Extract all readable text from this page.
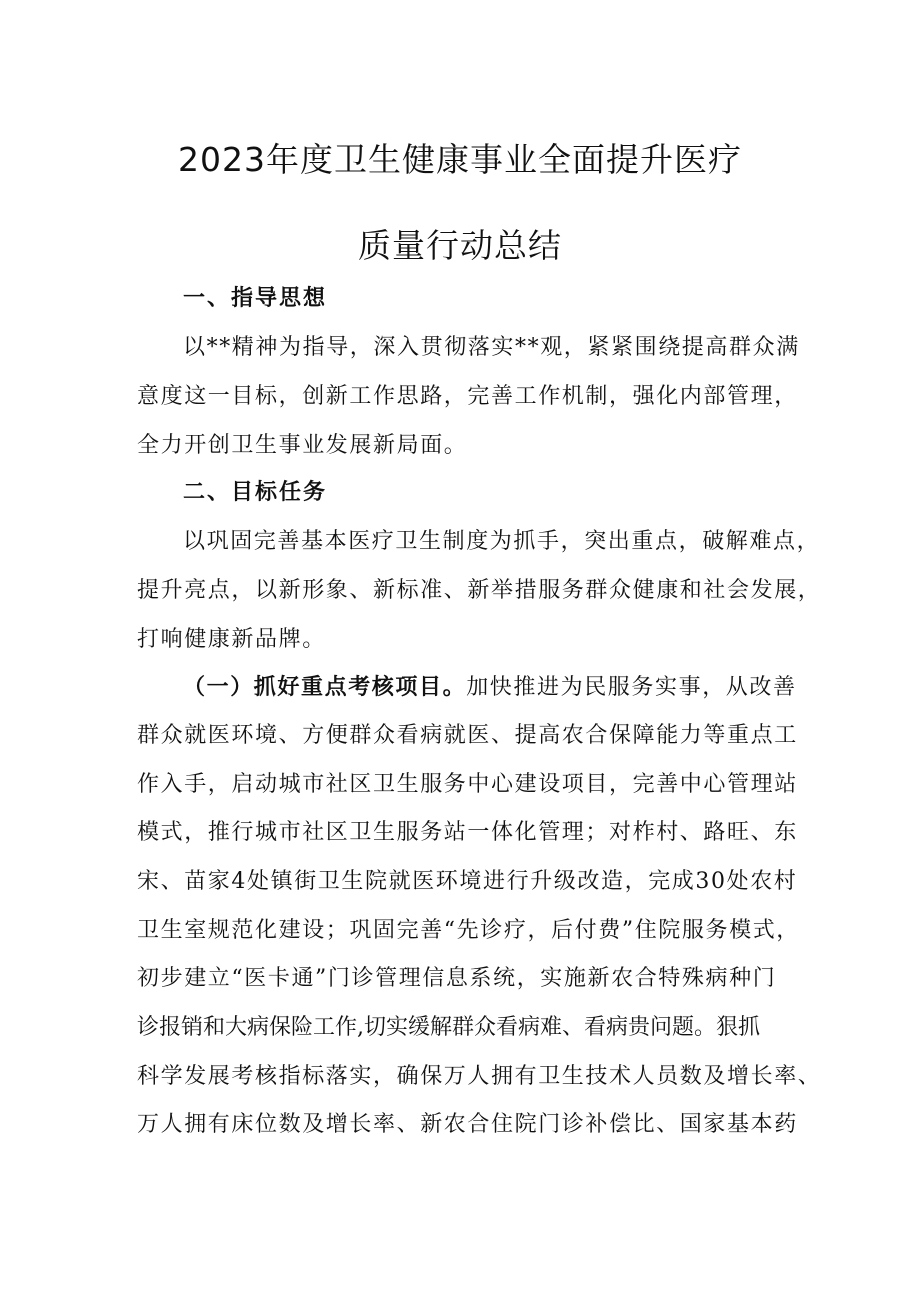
2023年度卫生健康事业全面提升医疗
质量行动总结
一、指导思想
以**精神为指导，深入贯彻落实**观，紧紧围绕提高群众满
意度这一目标，创新工作思路，完善工作机制，强化内部管理，
全力开创卫生事业发展新局面。
二、目标任务
以巩固完善基本医疗卫生制度为抓手，突出重点，破解难点，
提升亮点，以新形象、新标准、新举措服务群众健康和社会发展，
打响健康新品牌。
（一）抓好重点考核项目。加快推进为民服务实事，从改善
群众就医环境、方便群众看病就医、提高农合保障能力等重点工
作入手，启动城市社区卫生服务中心建设项目，完善中心管理站
模式，推行城市社区卫生服务站一体化管理；对柞村、路旺、东
宋、苗家4处镇街卫生院就医环境进行升级改造，完成30处农村
卫生室规范化建设；巩固完善“先诊疗，后付费”住院服务模式，
初步建立“医卡通”门诊管理信息系统，实施新农合特殊病种门
诊报销和大病保险工作,切实缓解群众看病难、看病贵问题。狠抓
科学发展考核指标落实，确保万人拥有卫生技术人员数及增长率、
万人拥有床位数及增长率、新农合住院门诊补偿比、国家基本药
